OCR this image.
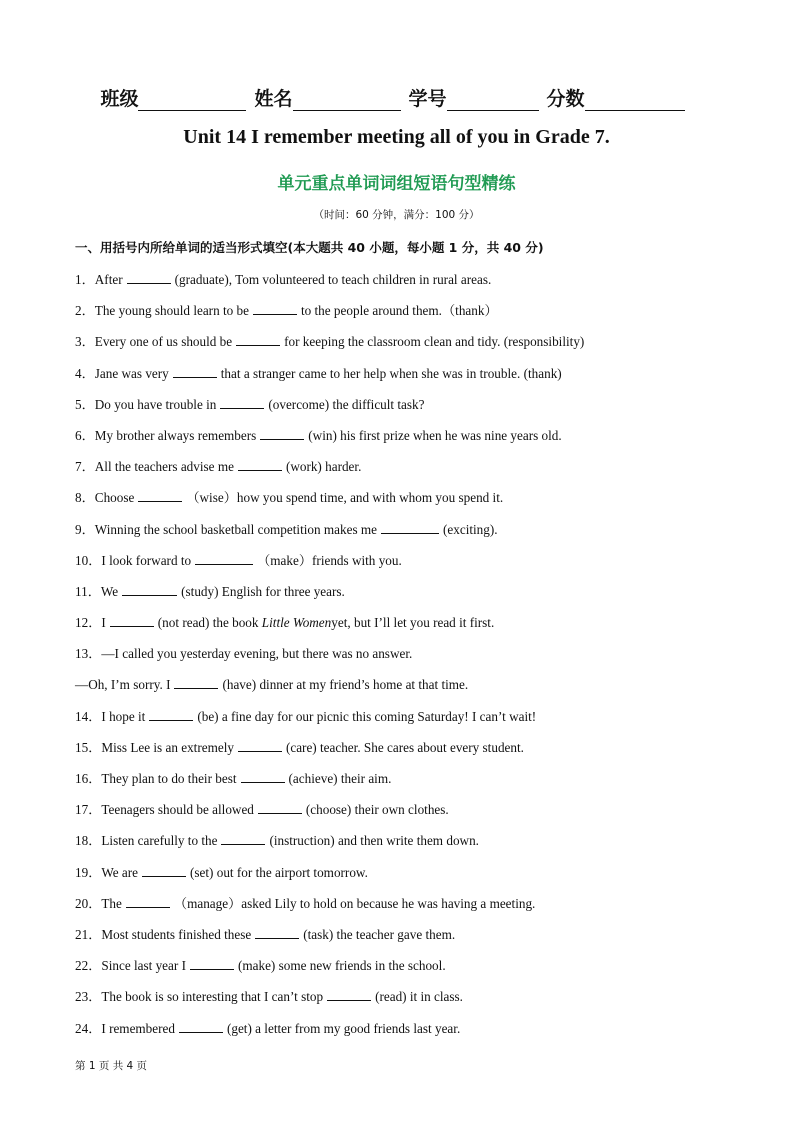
班级	姓名	学号	分数
Unit 14 I remember meeting all of you in Grade 7.
单元重点单词词组短语句型精练
（时间：60 分钟，满分：100 分）
一、用括号内所给单词的适当形式填空(本大题共 40 小题，每小题 1 分，共 40 分)
1．After	(graduate), Tom volunteered to teach children in rural areas.
2．The young should learn to be	to the people around them.（thank）
3．Every one of us should be	for keeping the classroom clean and tidy. (responsibility)
4．Jane was very	that a stranger came to her help when she was in trouble. (thank)
5．Do you have trouble in	(overcome) the difficult task?
6．My brother always remembers	(win) his first prize when he was nine years old.
7．All the teachers advise me	(work) harder.
8．Choose	（wise）how you spend time, and with whom you spend it.
9．Winning the school basketball competition makes me	(exciting).
10．I look forward to	（make）friends with you.
11．We	(study) English for three years.
12．I	(not read) the book Little Womenyet, but I’ll let you read it first.
13．—I called you yesterday evening, but there was no answer.
—Oh, I’m sorry. I	(have) dinner at my friend’s home at that time.
14．I hope it	(be) a fine day for our picnic this coming Saturday! I can’t wait!
15．Miss Lee is an extremely	(care) teacher. She cares about every student.
16．They plan to do their best	(achieve) their aim.
17．Teenagers should be allowed	(choose) their own clothes.
18．Listen carefully to the	(instruction) and then write them down.
19．We are	(set) out for the airport tomorrow.
20．The	（manage）asked Lily to hold on because he was having a meeting.
21．Most students finished these	(task) the teacher gave them.
22．Since last year I	(make) some new friends in the school.
23．The book is so interesting that I can’t stop	(read) it in class.
24．I remembered	(get) a letter from my good friends last year.
第 1 页 共 4 页
